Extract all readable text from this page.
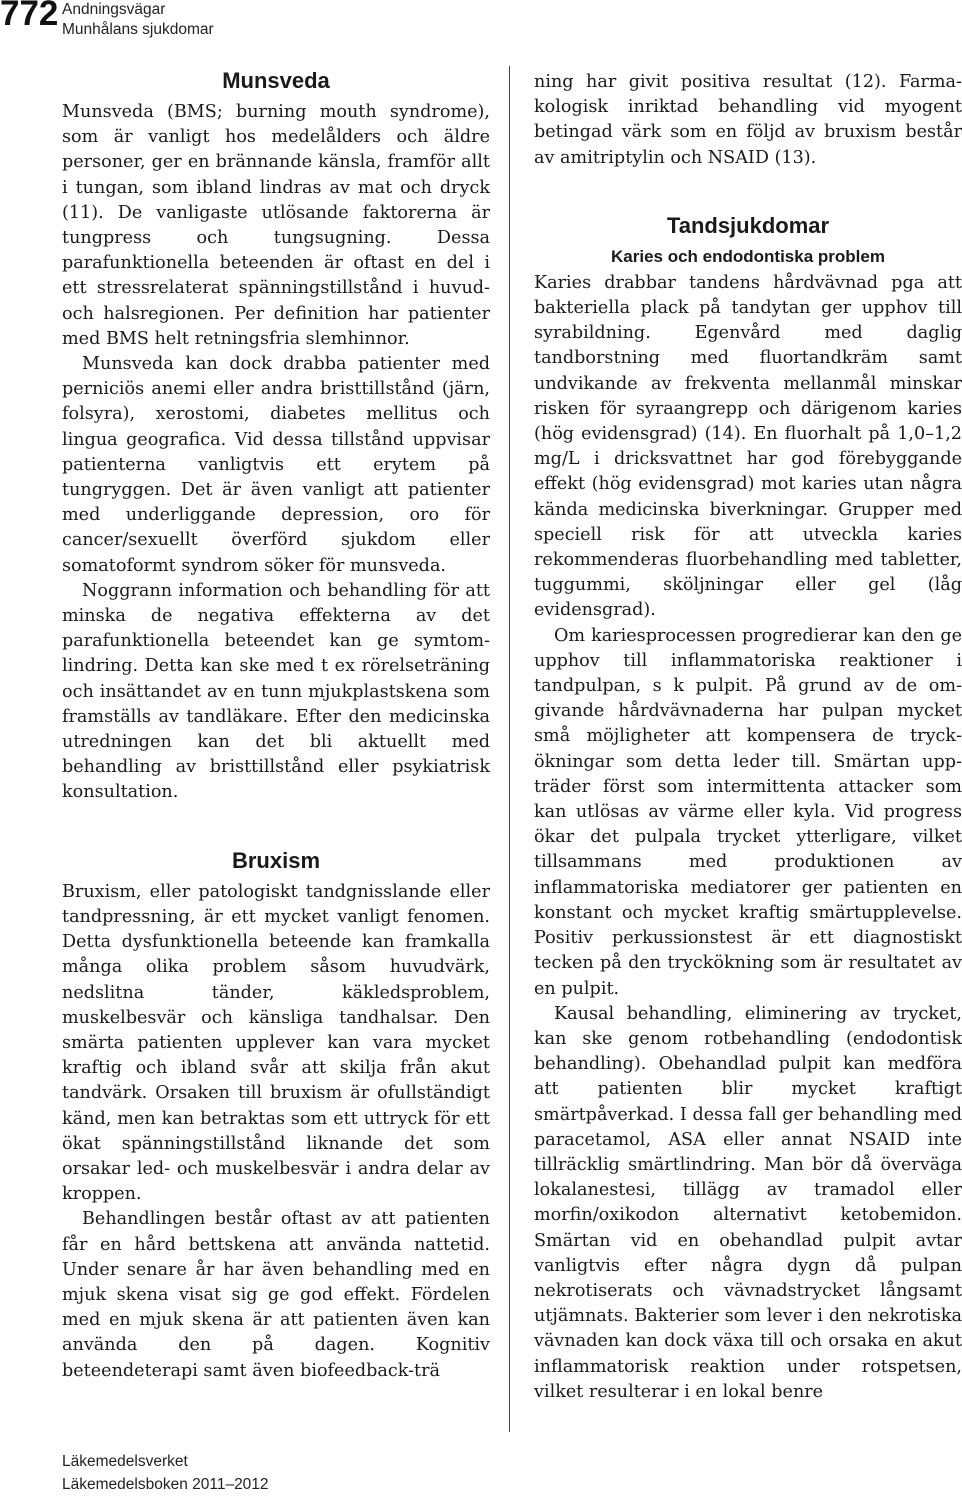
772 Andningsvägar
Munhålans sjukdomar
Munsveda

Munsveda (BMS; burning mouth syndrome), som är vanligt hos medelålders och äldre personer, ger en brännande känsla, framför allt i tungan, som ibland lindras av mat och dryck (11). De vanligaste utlösande faktorerna är tungpress och tungsugning. Dessa parafunktionella beteenden är oftast en del i ett stressrelaterat spänningstillstånd i huvud- och halsregionen. Per definition har patienter med BMS helt retningsfria slemhinnor.

Munsveda kan dock drabba patienter med perniciös anemi eller andra bristtillstånd (järn, folsyra), xerostomi, diabetes mellitus och lingua geografica. Vid dessa tillstånd uppvisar patienterna vanligtvis ett erytem på tungryggen. Det är även vanligt att patienter med underliggande depression, oro för cancer/sexuellt överförd sjukdom eller somatoformt syndrom söker för munsveda.

Noggrann information och behandling för att minska de negativa effekterna av det parafunktionella beteendet kan ge symtomlindring. Detta kan ske med t ex rörelseträning och insättandet av en tunn mjukplastskena som framställs av tandläkare. Efter den medicinska utredningen kan det bli aktuellt med behandling av bristtillstånd eller psykiatrisk konsultation.

Bruxism

Bruxism, eller patologiskt tandgnisslande eller tandpressning, är ett mycket vanligt fenomen. Detta dysfunktionella beteende kan framkalla många olika problem såsom huvudvärk, nedslitna tänder, käkledsproblem, muskelbesvär och känsliga tandhalsar. Den smärta patienten upplever kan vara mycket kraftig och ibland svår att skilja från akut tandvärk. Orsaken till bruxism är ofullständigt känd, men kan betraktas som ett uttryck för ett ökat spänningstillstånd liknande det som orsakar led- och muskelbesvär i andra delar av kroppen.

Behandlingen består oftast av att patienten får en hård bettskena att använda nattetid. Under senare år har även behandling med en mjuk skena visat sig ge god effekt. Fördelen med en mjuk skena är att patienten även kan använda den på dagen. Kognitiv beteendeterapi samt även biofeedback-trä

ning har givit positiva resultat (12). Farmakologisk inriktad behandling vid myogent betingad värk som en följd av bruxism består av amitriptylin och NSAID (13).

Tandsjukdomar
Karies och endodontiska problem

Karies drabbar tandens hårdvävnad pga att bakteriella plack på tandytan ger upphov till syrabildning. Egenvård med daglig tandborstning med fluortandkräm samt undvikande av frekventa mellanmål minskar risken för syraangrepp och därigenom karies (hög evidensgrad) (14). En fluorhalt på 1,0–1,2 mg/L i dricksvattnet har god förebyggande effekt (hög evidensgrad) mot karies utan några kända medicinska biverkningar. Grupper med speciell risk för att utveckla karies rekommenderas fluorbehandling med tabletter, tuggummi, sköljningar eller gel (låg evidensgrad).

Om kariesprocessen progredierar kan den ge upphov till inflammatoriska reaktioner i tandpulpan, s k pulpit. På grund av de omgivande hårdvävnaderna har pulpan mycket små möjligheter att kompensera de tryckökningar som detta leder till. Smärtan uppträder först som intermittenta attacker som kan utlösas av värme eller kyla. Vid progress ökar det pulpala trycket ytterligare, vilket tillsammans med produktionen av inflammatoriska mediatorer ger patienten en konstant och mycket kraftig smärtupplevelse. Positiv perkussionstest är ett diagnostiskt tecken på den tryckökning som är resultatet av en pulpit.

Kausal behandling, eliminering av trycket, kan ske genom rotbehandling (endodontisk behandling). Obehandlad pulpit kan medföra att patienten blir mycket kraftigt smärtpåverkad. I dessa fall ger behandling med paracetamol, ASA eller annat NSAID inte tillräcklig smärtlindring. Man bör då överväga lokalanestesi, tillägg av tramadol eller morfin/oxikodon alternativt ketobemidon. Smärtan vid en obehandlad pulpit avtar vanligtvis efter några dygn då pulpan nekrotiserats och vävnadstrycket långsamt utjämnats. Bakterier som lever i den nekrotiska vävnaden kan dock växa till och orsaka en akut inflammatorisk reaktion under rotspetsen, vilket resulterar i en lokal benre

Läkemedelsverket
Läkemedelsboken 2011–2012
